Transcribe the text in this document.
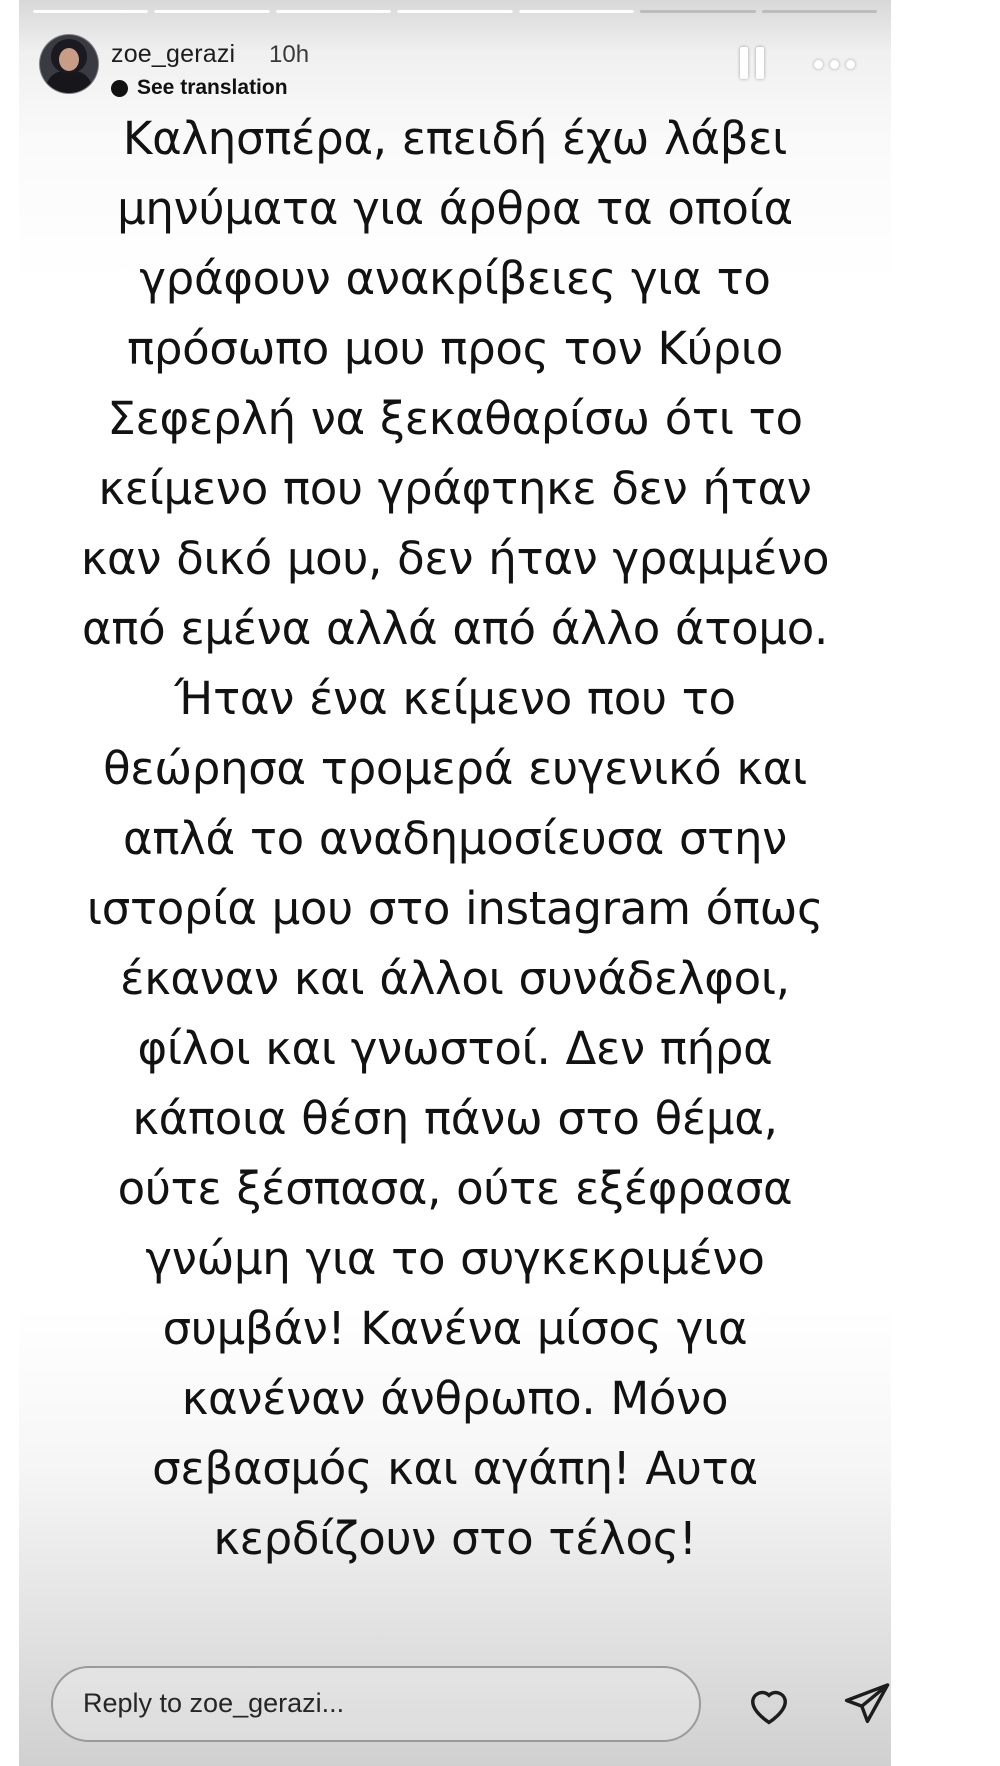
zoe_gerazi 10h
See translation
Καλησπέρα, επειδή έχω λάβει μηνύματα για άρθρα τα οποία γράφουν ανακρίβειες για το πρόσωπο μου προς τον Κύριο Σεφερλή να ξεκαθαρίσω ότι το κείμενο που γράφτηκε δεν ήταν καν δικό μου, δεν ήταν γραμμένο από εμένα αλλά από άλλο άτομο. Ήταν ένα κείμενο που το θεώρησα τρομερά ευγενικό και απλά το αναδημοσίευσα στην ιστορία μου στο instagram όπως έκαναν και άλλοι συνάδελφοι, φίλοι και γνωστοί. Δεν πήρα κάποια θέση πάνω στο θέμα, ούτε ξέσπασα, ούτε εξέφρασα γνώμη για το συγκεκριμένο συμβάν! Κανένα μίσος για κανέναν άνθρωπο. Μόνο σεβασμός και αγάπη! Αυτα κερδίζουν στο τέλος!
Reply to zoe_gerazi...
